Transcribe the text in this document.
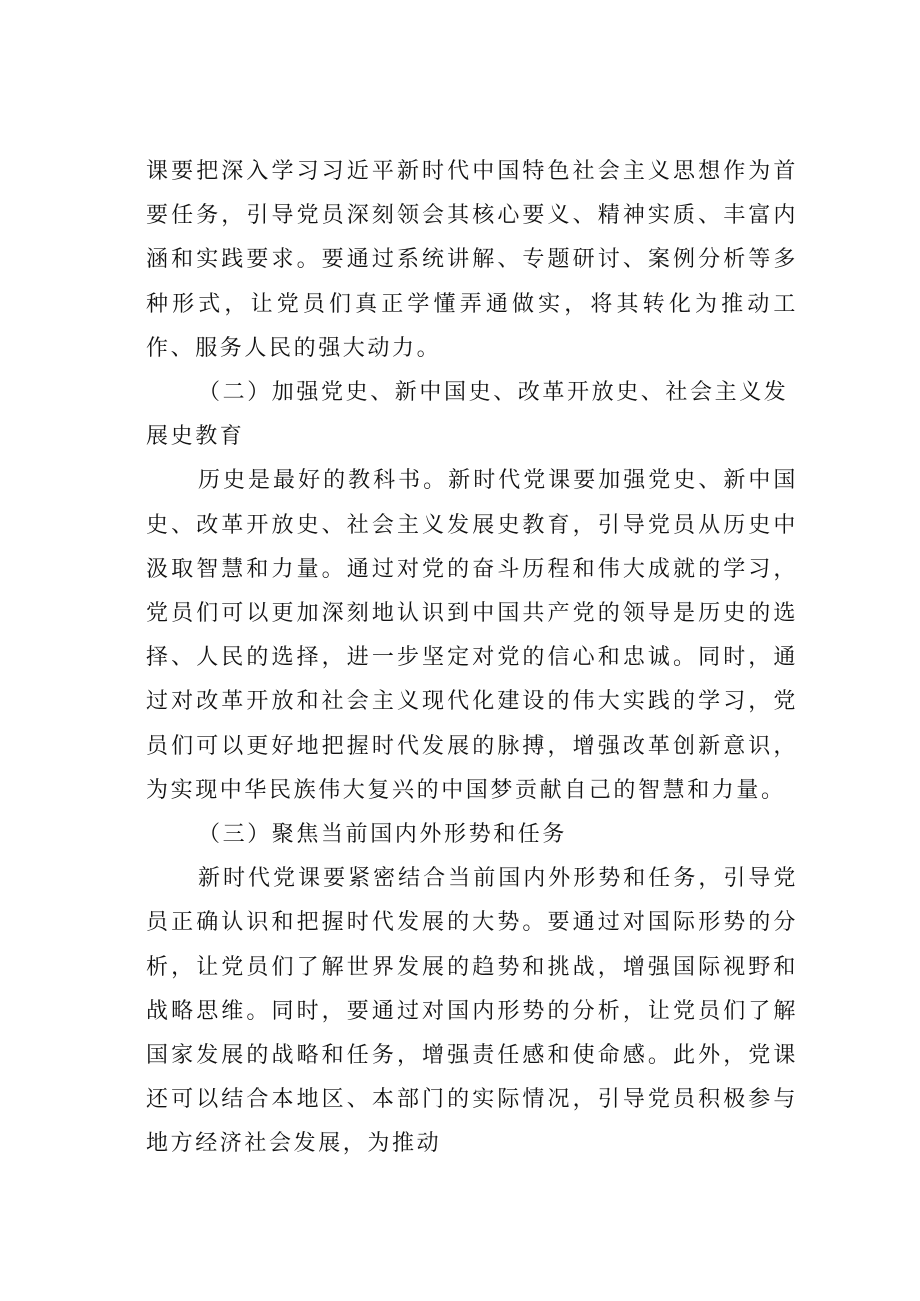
课要把深入学习习近平新时代中国特色社会主义思想作为首要任务，引导党员深刻领会其核心要义、精神实质、丰富内涵和实践要求。要通过系统讲解、专题研讨、案例分析等多种形式，让党员们真正学懂弄通做实，将其转化为推动工作、服务人民的强大动力。

（二）加强党史、新中国史、改革开放史、社会主义发展史教育

历史是最好的教科书。新时代党课要加强党史、新中国史、改革开放史、社会主义发展史教育，引导党员从历史中汲取智慧和力量。通过对党的奋斗历程和伟大成就的学习，党员们可以更加深刻地认识到中国共产党的领导是历史的选择、人民的选择，进一步坚定对党的信心和忠诚。同时，通过对改革开放和社会主义现代化建设的伟大实践的学习，党员们可以更好地把握时代发展的脉搏，增强改革创新意识，为实现中华民族伟大复兴的中国梦贡献自己的智慧和力量。

（三）聚焦当前国内外形势和任务

新时代党课要紧密结合当前国内外形势和任务，引导党员正确认识和把握时代发展的大势。要通过对国际形势的分析，让党员们了解世界发展的趋势和挑战，增强国际视野和战略思维。同时，要通过对国内形势的分析，让党员们了解国家发展的战略和任务，增强责任感和使命感。此外，党课还可以结合本地区、本部门的实际情况，引导党员积极参与地方经济社会发展，为推动
